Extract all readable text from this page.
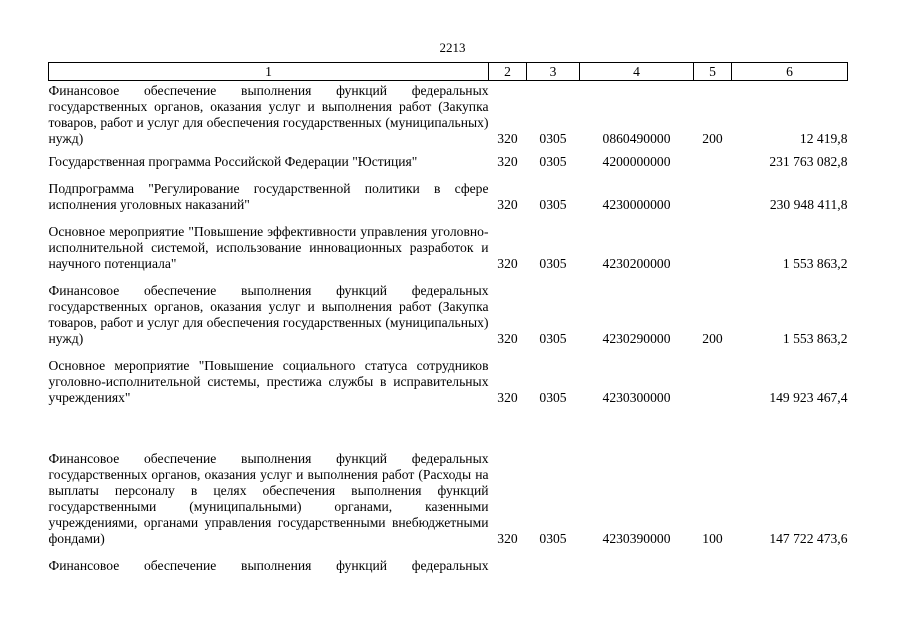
2213
1	2	3	4	5	6
Финансовое обеспечение выполнения функций федеральных государственных органов, оказания услуг и выполнения работ (Закупка товаров, работ и услуг для обеспечения государственных (муниципальных) нужд)	320	0305	0860490000	200	12 419,8
Государственная программа Российской Федерации "Юстиция"	320	0305	4200000000		231 763 082,8
Подпрограмма "Регулирование государственной политики в сфере исполнения уголовных наказаний"	320	0305	4230000000		230 948 411,8
Основное мероприятие "Повышение эффективности управления уголовно-исполнительной системой, использование инновационных разработок и научного потенциала"	320	0305	4230200000		1 553 863,2
Финансовое обеспечение выполнения функций федеральных государственных органов, оказания услуг и выполнения работ (Закупка товаров, работ и услуг для обеспечения государственных (муниципальных) нужд)	320	0305	4230290000	200	1 553 863,2
Основное мероприятие "Повышение социального статуса сотрудников уголовно-исполнительной системы, престижа службы в исправительных учреждениях"	320	0305	4230300000		149 923 467,4
Финансовое обеспечение выполнения функций федеральных государственных органов, оказания услуг и выполнения работ (Расходы на выплаты персоналу в целях обеспечения выполнения функций государственными (муниципальными) органами, казенными учреждениями, органами управления государственными внебюджетными фондами)	320	0305	4230390000	100	147 722 473,6
Финансовое обеспечение выполнения функций федеральных					
